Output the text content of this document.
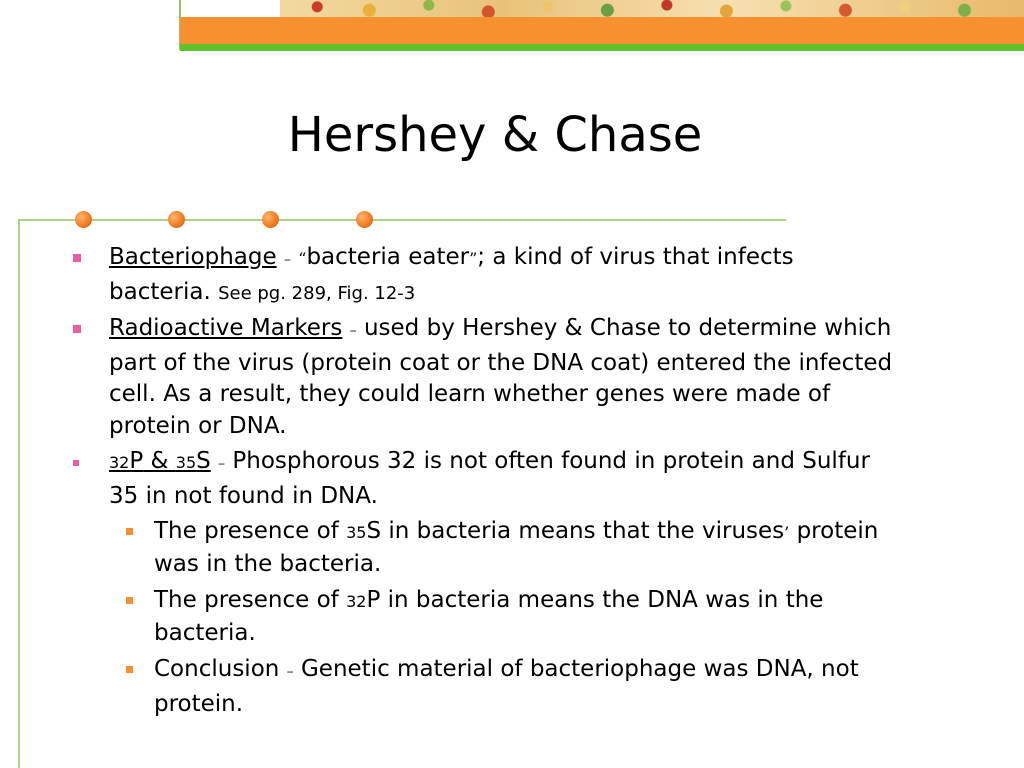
Hershey & Chase
Bacteriophage – “bacteria eater”; a kind of virus that infects bacteria. See pg. 289, Fig. 12-3
Radioactive Markers – used by Hershey & Chase to determine which part of the virus (protein coat or the DNA coat) entered the infected cell. As a result, they could learn whether genes were made of protein or DNA.
32P & 35S – Phosphorous 32 is not often found in protein and Sulfur 35 in not found in DNA.
The presence of 35S in bacteria means that the viruses’ protein was in the bacteria.
The presence of 32P in bacteria means the DNA was in the bacteria.
Conclusion – Genetic material of bacteriophage was DNA, not protein.
